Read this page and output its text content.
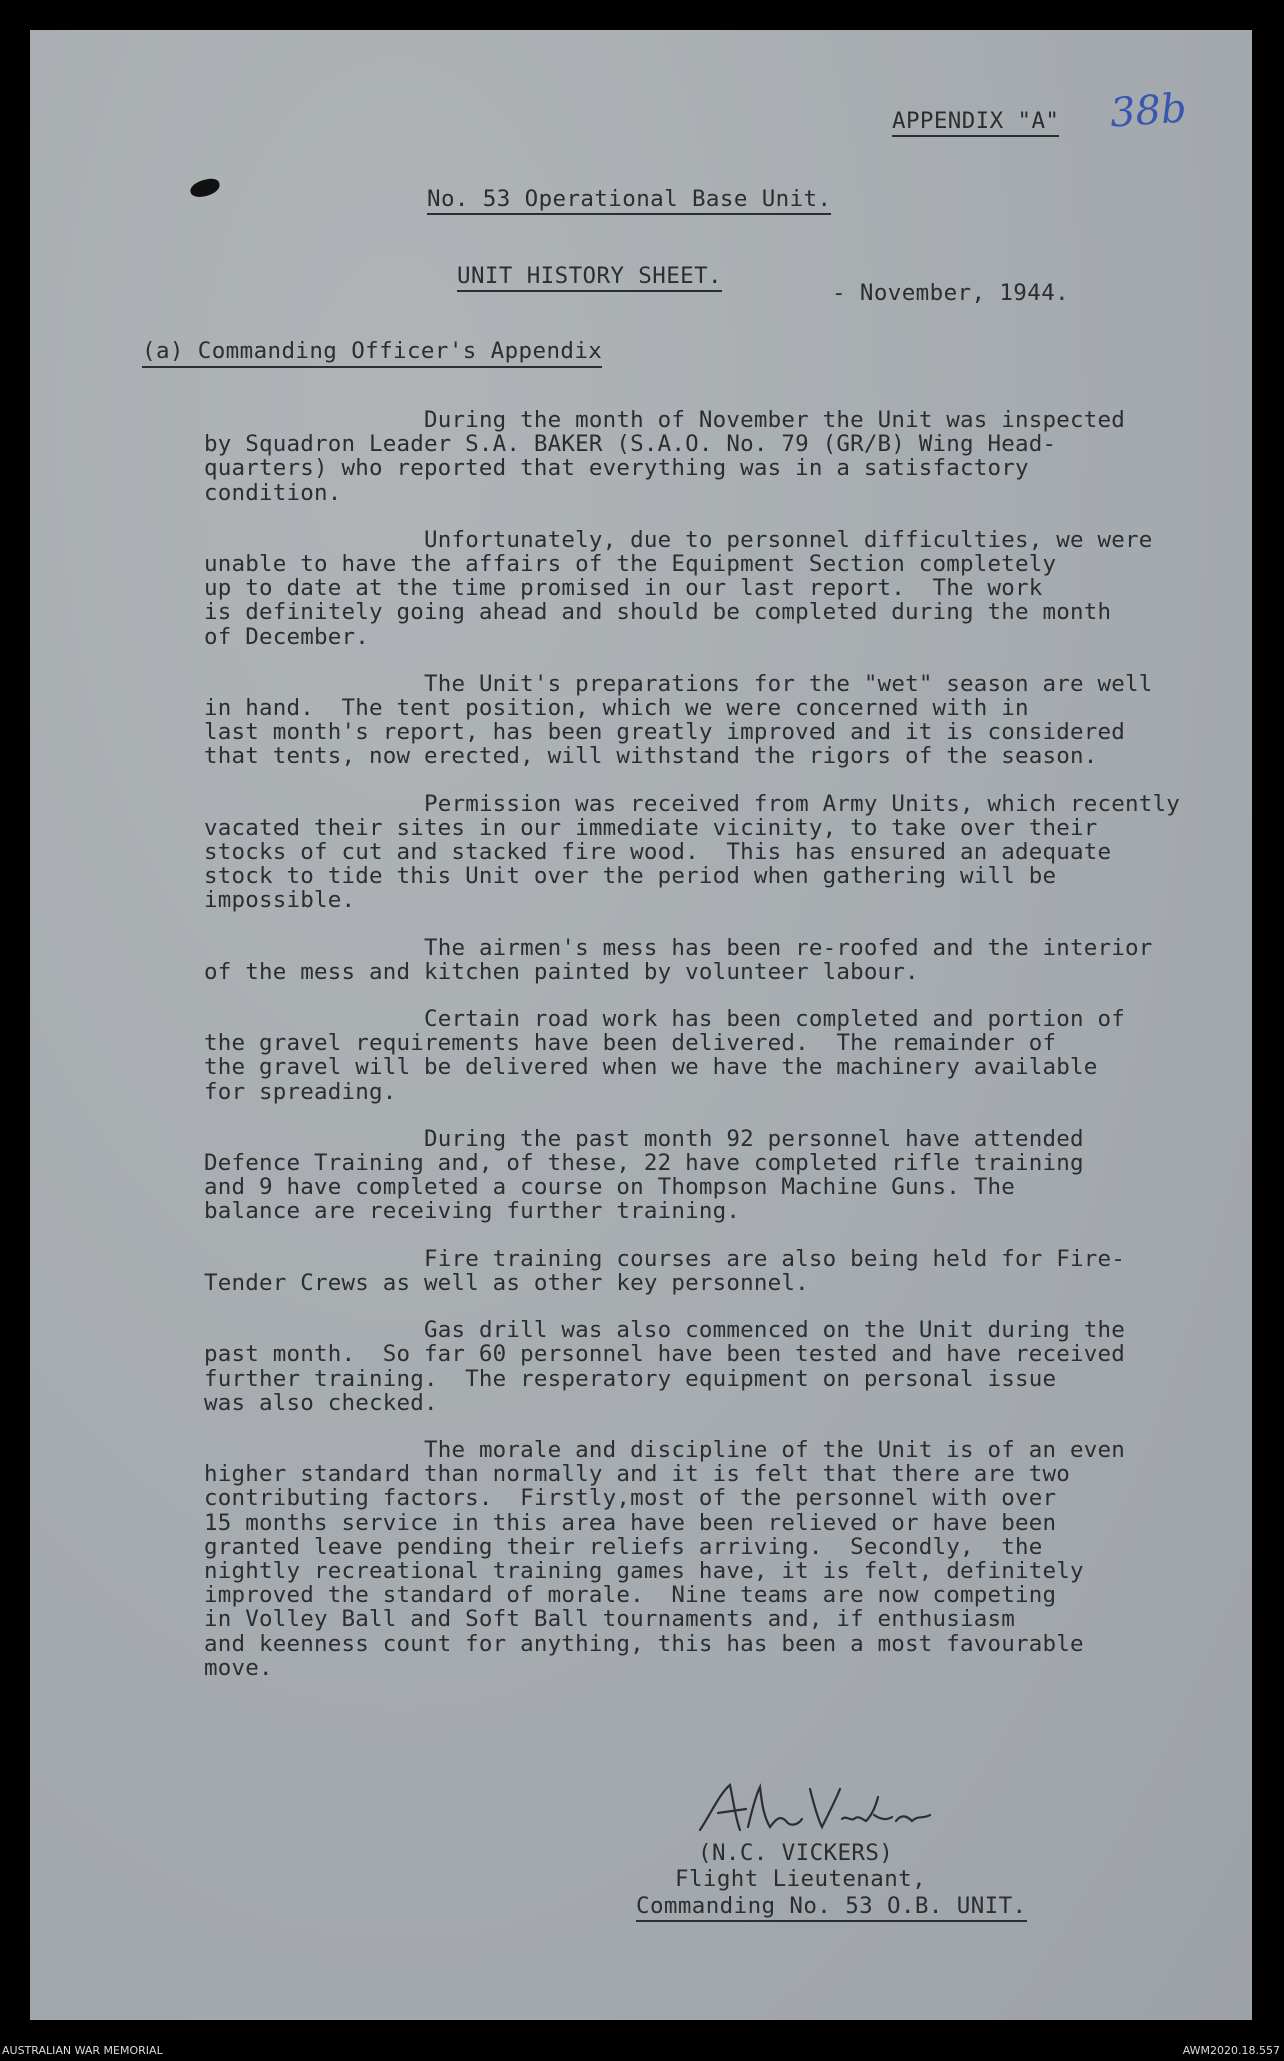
38b
APPENDIX "A"
No. 53 Operational Base Unit.
UNIT HISTORY SHEET.
- November, 1944.
(a) Commanding Officer's Appendix

During the month of November the Unit was inspected
by Squadron Leader S.A. BAKER (S.A.O. No. 79 (GR/B) Wing Head-
quarters) who reported that everything was in a satisfactory
condition.

Unfortunately, due to personnel difficulties, we were
unable to have the affairs of the Equipment Section completely
up to date at the time promised in our last report.  The work
is definitely going ahead and should be completed during the month
of December.

The Unit's preparations for the "wet" season are well
in hand.  The tent position, which we were concerned with in
last month's report, has been greatly improved and it is considered
that tents, now erected, will withstand the rigors of the season.

Permission was received from Army Units, which recently
vacated their sites in our immediate vicinity, to take over their
stocks of cut and stacked fire wood.  This has ensured an adequate
stock to tide this Unit over the period when gathering will be
impossible.

The airmen's mess has been re-roofed and the interior
of the mess and kitchen painted by volunteer labour.

Certain road work has been completed and portion of
the gravel requirements have been delivered.  The remainder of
the gravel will be delivered when we have the machinery available
for spreading.

During the past month 92 personnel have attended
Defence Training and, of these, 22 have completed rifle training
and 9 have completed a course on Thompson Machine Guns. The
balance are receiving further training.

Fire training courses are also being held for Fire-
Tender Crews as well as other key personnel.

Gas drill was also commenced on the Unit during the
past month.  So far 60 personnel have been tested and have received
further training.  The resperatory equipment on personal issue
was also checked.

The morale and discipline of the Unit is of an even
higher standard than normally and it is felt that there are two
contributing factors.  Firstly,most of the personnel with over
15 months service in this area have been relieved or have been
granted leave pending their reliefs arriving.  Secondly,  the
nightly recreational training games have, it is felt, definitely
improved the standard of morale.  Nine teams are now competing
in Volley Ball and Soft Ball tournaments and, if enthusiasm
and keenness count for anything, this has been a most favourable
move.

(N.C. VICKERS)
Flight Lieutenant,
Commanding No. 53 O.B. UNIT.
AUSTRALIAN WAR MEMORIAL	AWM2020.18.557
